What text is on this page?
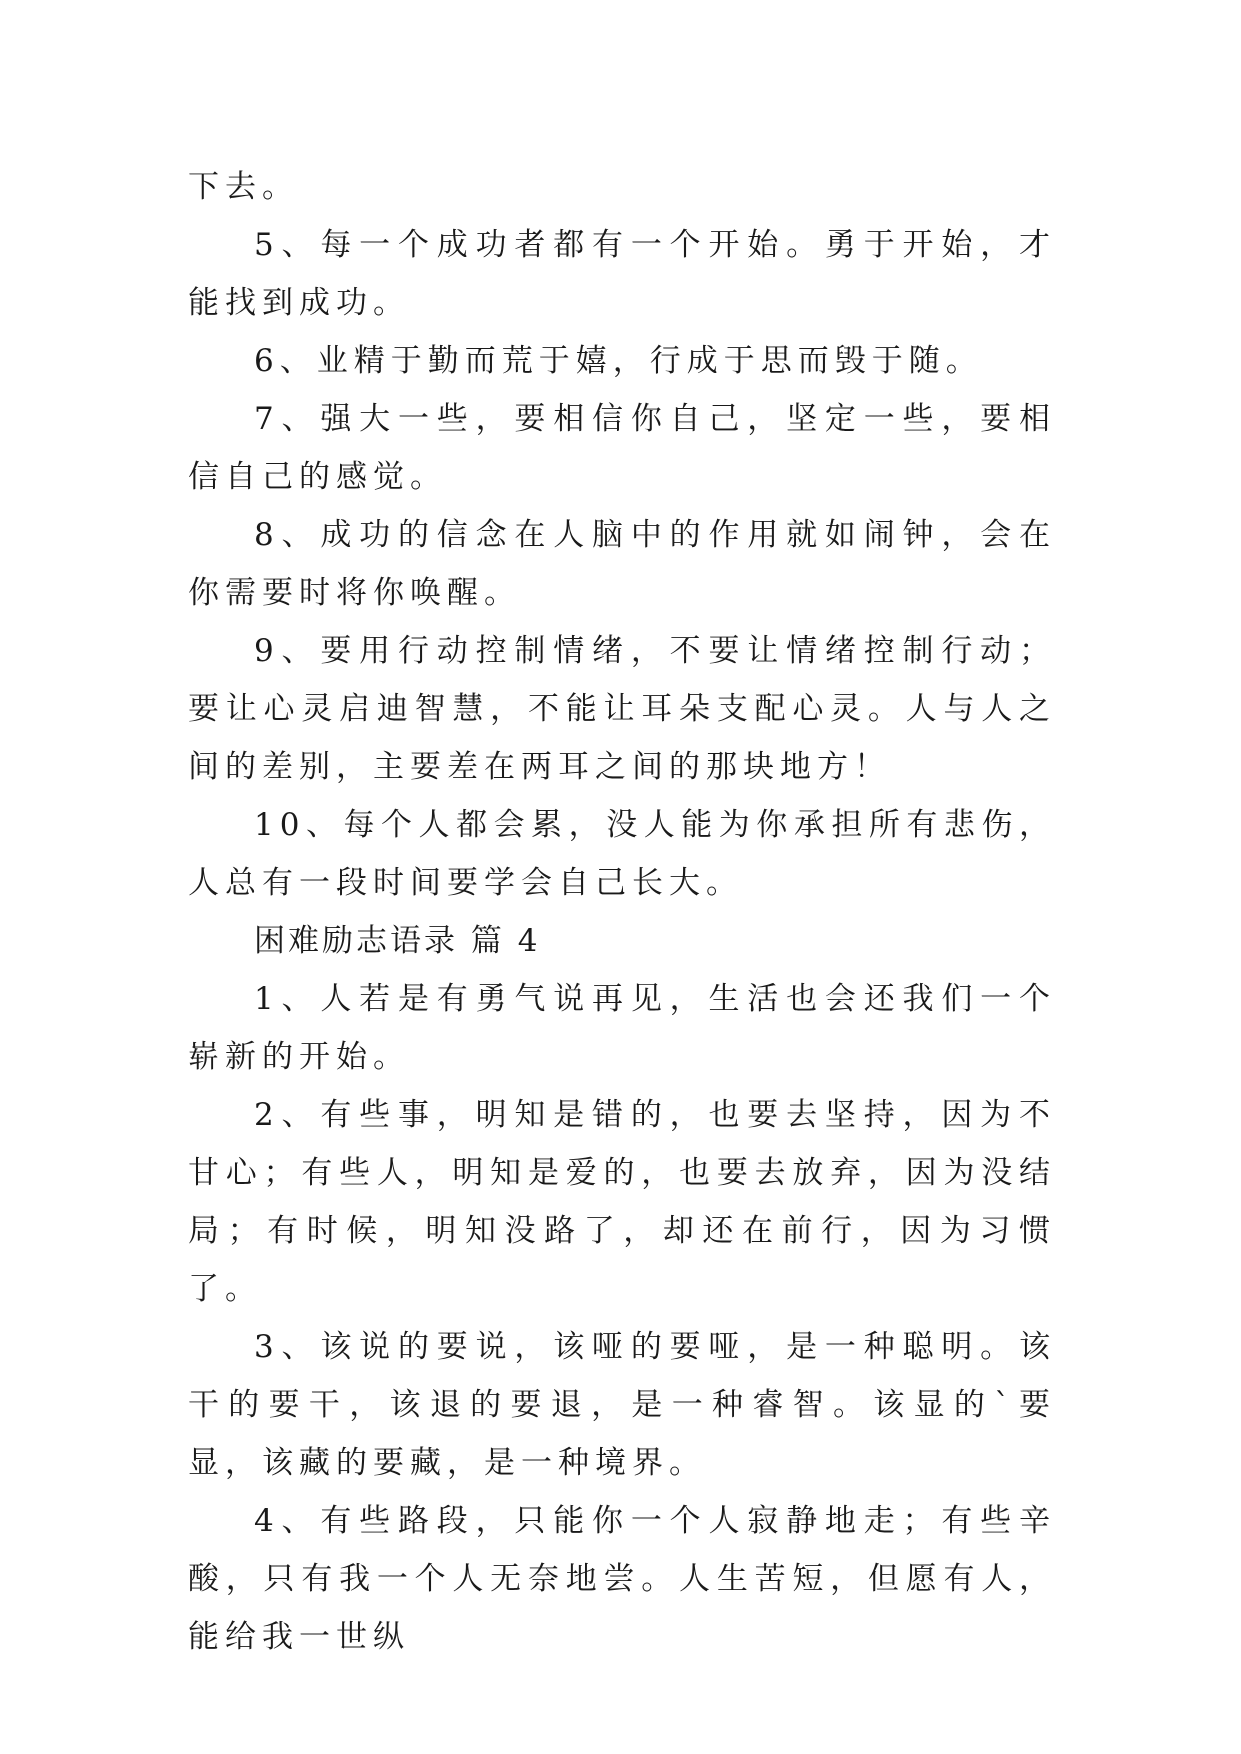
下去。

5、每一个成功者都有一个开始。勇于开始，才能找到成功。

6、业精于勤而荒于嬉，行成于思而毁于随。

7、强大一些，要相信你自己，坚定一些，要相信自己的感觉。

8、成功的信念在人脑中的作用就如闹钟，会在你需要时将你唤醒。

9、要用行动控制情绪，不要让情绪控制行动；要让心灵启迪智慧，不能让耳朵支配心灵。人与人之间的差别，主要差在两耳之间的那块地方！

10、每个人都会累，没人能为你承担所有悲伤，人总有一段时间要学会自己长大。

困难励志语录 篇 4

1、人若是有勇气说再见，生活也会还我们一个崭新的开始。

2、有些事，明知是错的，也要去坚持，因为不甘心；有些人，明知是爱的，也要去放弃，因为没结局；有时候，明知没路了，却还在前行，因为习惯了。

3、该说的要说，该哑的要哑，是一种聪明。该干的要干，该退的要退，是一种睿智。该显的`要显，该藏的要藏，是一种境界。

4、有些路段，只能你一个人寂静地走；有些辛酸，只有我一个人无奈地尝。人生苦短，但愿有人，能给我一世纵
